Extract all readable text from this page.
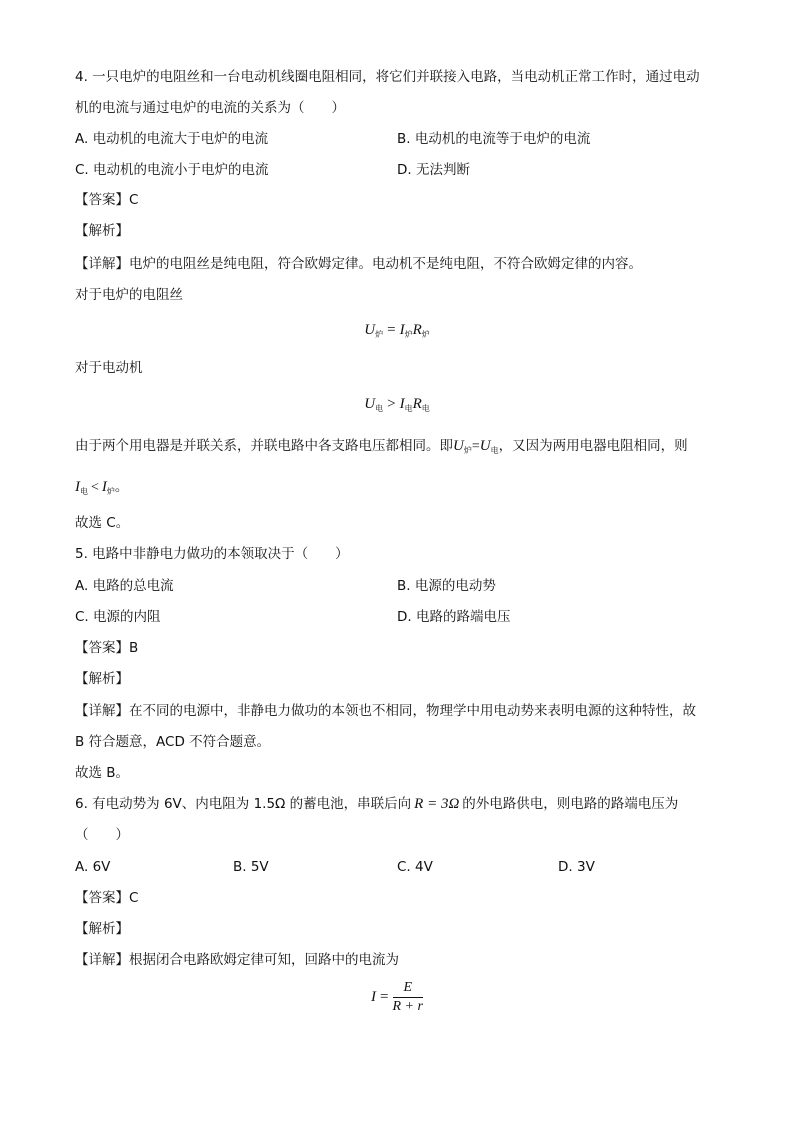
4. 一只电炉的电阻丝和一台电动机线圈电阻相同，将它们并联接入电路，当电动机正常工作时，通过电动
机的电流与通过电炉的电流的关系为（　　）
A. 电动机的电流大于电炉的电流	B. 电动机的电流等于电炉的电流
C. 电动机的电流小于电炉的电流	D. 无法判断
【答案】C
【解析】
【详解】电炉的电阻丝是纯电阻，符合欧姆定律。电动机不是纯电阻，不符合欧姆定律的内容。
对于电炉的电阻丝
$U_炉 = I_炉R_炉$
对于电动机
$U_电 > I_电R_电$
由于两个用电器是并联关系，并联电路中各支路电压都相同。即$U_炉=U_电$，又因为两用电器电阻相同，则
$I_电 < I_炉$。
故选 C。
5. 电路中非静电力做功的本领取决于（　　）
A. 电路的总电流	B. 电源的电动势
C. 电源的内阻	D. 电路的路端电压
【答案】B
【解析】
【详解】在不同的电源中，非静电力做功的本领也不相同，物理学中用电动势来表明电源的这种特性，故
B 符合题意，ACD 不符合题意。
故选 B。
6. 有电动势为 6V、内电阻为 1.5Ω 的蓄电池，串联后向 R = 3Ω 的外电路供电，则电路的路端电压为
（　　）
A. 6V	B. 5V	C. 4V	D. 3V
【答案】C
【解析】
【详解】根据闭合电路欧姆定律可知，回路中的电流为
$I = \frac{E}{R + r}$
